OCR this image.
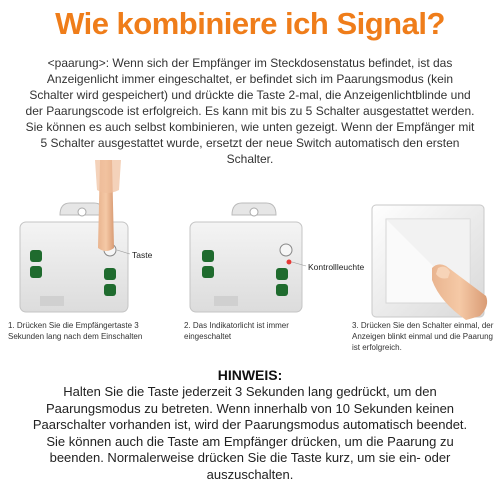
Wie kombiniere ich Signal?
<paarung>: Wenn sich der Empfänger im Steckdosenstatus befindet, ist das Anzeigenlicht immer eingeschaltet, er befindet sich im Paarungsmodus (kein Schalter wird gespeichert) und drückte die Taste 2-mal, die Anzeigenlichtblinde und der Paarungscode ist erfolgreich. Es kann mit bis zu 5 Schalter ausgestattet werden. Sie können es auch selbst kombinieren, wie unten gezeigt. Wenn der Empfänger mit 5 Schalter ausgestattet wurde, ersetzt der neue Switch automatisch den ersten Schalter.
Taste
Kontrollleuchte
1. Drücken Sie die Empfängertaste 3 Sekunden lang nach dem Einschalten
2. Das Indikatorlicht ist immer eingeschaltet
3. Drücken Sie den Schalter einmal, der Anzeigen blinkt einmal und die Paarung ist erfolgreich.
HINWEIS:
Halten Sie die Taste jederzeit 3 Sekunden lang gedrückt, um den Paarungsmodus zu betreten. Wenn innerhalb von 10 Sekunden keinen Paarschalter vorhanden ist, wird der Paarungsmodus automatisch beendet. Sie können auch die Taste am Empfänger drücken, um die Paarung zu beenden. Normalerweise drücken Sie die Taste kurz, um sie ein- oder auszuschalten.
